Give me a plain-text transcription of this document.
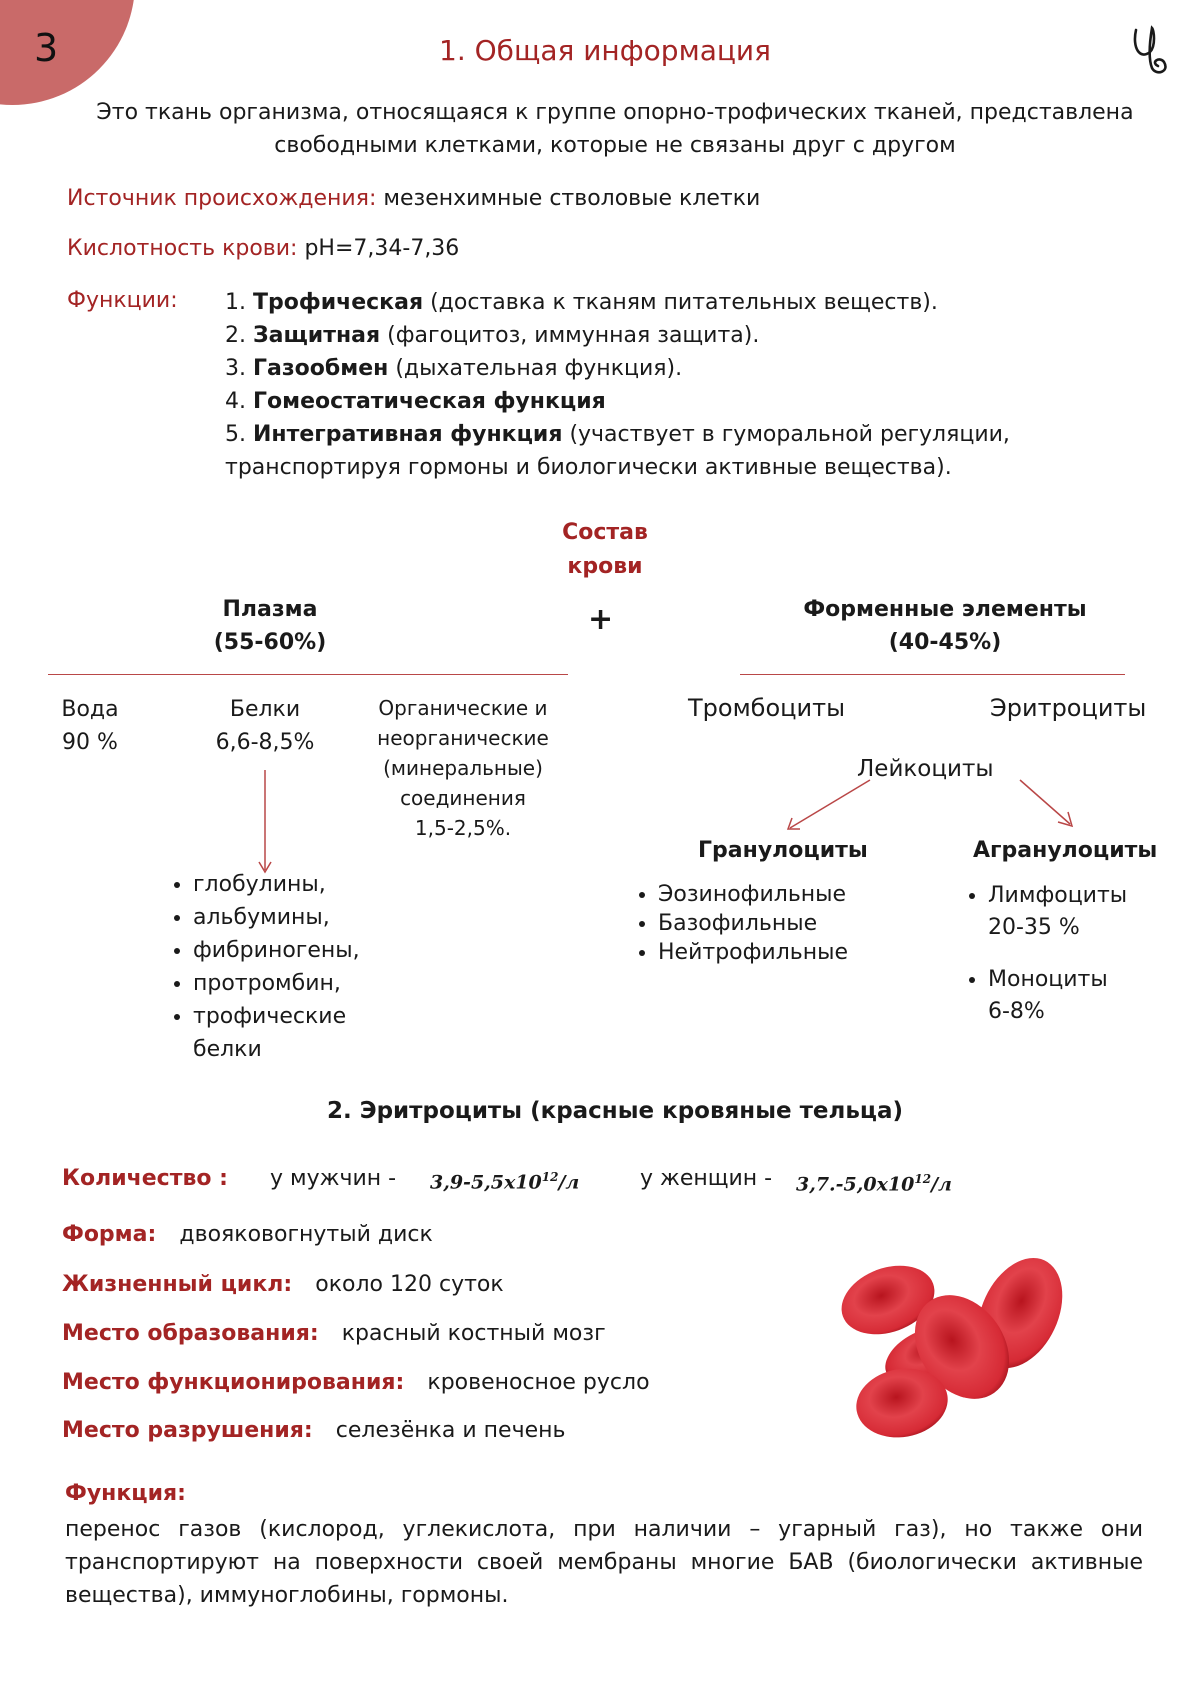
3	1. Общая информация
Это ткань организма, относящаяся к группе опорно-трофических тканей, представлена свободными клетками, которые не связаны друг с другом
Источник происхождения: мезенхимные стволовые клетки
Кислотность крови: pH=7,34-7,36
Функции: 1. Трофическая (доставка к тканям питательных веществ).
2. Защитная (фагоцитоз, иммунная защита).
3. Газообмен (дыхательная функция).
4. Гомеостатическая функция
5. Интегративная функция (участвует в гуморальной регуляции,
транспортируя гормоны и биологически активные вещества).
Состав
крови
+
Плазма
(55-60%)
Форменные элементы
(40-45%)
Вода
90 %
Белки
6,6-8,5%
Органические и
неорганические
(минеральные)
соединения
1,5-2,5%.
• глобулины,
• альбумины,
• фибриногены,
• протромбин,
• трофические белки
Тромбоциты	Эритроциты
Лейкоциты
Гранулоциты	Агранулоциты
• Эозинофильные
• Базофильные
• Нейтрофильные
• Лимфоциты
20-35 %
• Моноциты
6-8%
2. Эритроциты (красные кровяные тельца)
Количество : у мужчин - $3,9-5,5x10^{12}/л$	у женщин - $3,7.-5,0x10^{12}/л$
Форма: двояковогнутый диск
Жизненный цикл: около 120 суток
Место образования: красный костный мозг
Место функционирования: кровеносное русло
Место разрушения: селезёнка и печень
Функция:
перенос газов (кислород, углекислота, при наличии – угарный газ), но также они транспортируют на поверхности своей мембраны многие БАВ (биологически активные вещества), иммуноглобины, гормоны.
